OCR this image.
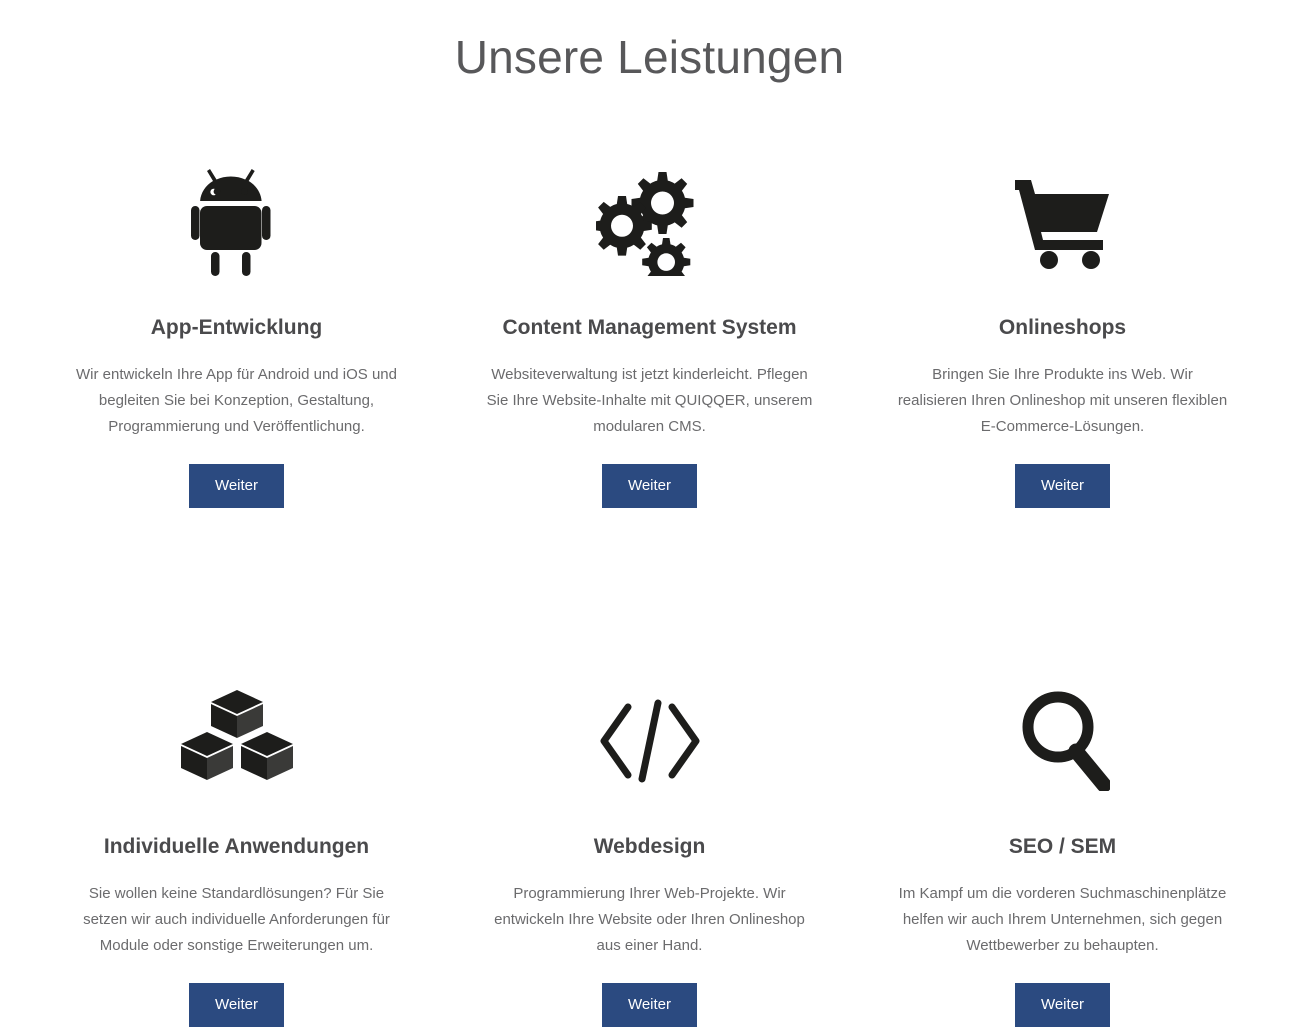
Unsere Leistungen
App-Entwicklung

Wir entwickeln Ihre App für Android und iOS und begleiten Sie bei Konzeption, Gestaltung, Programmierung und Veröffentlichung.

Weiter
Content Management System

Websiteverwaltung ist jetzt kinderleicht. Pflegen Sie Ihre Website-Inhalte mit QUIQQER, unserem modularen CMS.

Weiter
Onlineshops

Bringen Sie Ihre Produkte ins Web. Wir realisieren Ihren Onlineshop mit unseren flexiblen E-Commerce-Lösungen.

Weiter
Individuelle Anwendungen

Sie wollen keine Standardlösungen? Für Sie setzen wir auch individuelle Anforderungen für Module oder sonstige Erweiterungen um.

Weiter
Webdesign

Programmierung Ihrer Web-Projekte. Wir entwickeln Ihre Website oder Ihren Onlineshop aus einer Hand.

Weiter
SEO / SEM

Im Kampf um die vorderen Suchmaschinenplätze helfen wir auch Ihrem Unternehmen, sich gegen Wettbewerber zu behaupten.

Weiter
